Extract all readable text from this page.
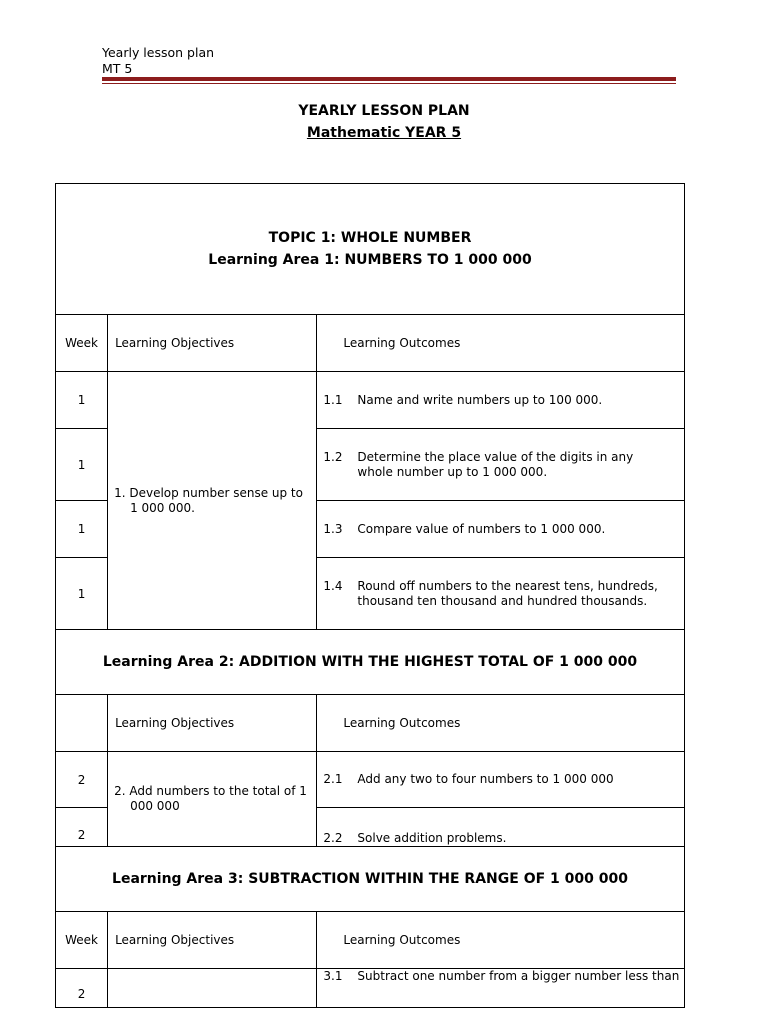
Yearly lesson plan
MT 5
YEARLY LESSON PLAN
Mathematic YEAR 5
TOPIC 1: WHOLE NUMBER
Learning Area 1: NUMBERS TO 1 000 000		

Week	Learning Objectives	Learning Outcomes
1	1. Develop number sense up to 1 000 000.	1.1 Name and write numbers up to 100 000.
1		1.2 Determine the place value of the digits in any whole number up to 1 000 000.
1		1.3 Compare value of numbers to 1 000 000.
1		1.4 Round off numbers to the nearest tens, hundreds, thousand ten thousand and hundred thousands.
Learning Area 2: ADDITION WITH THE HIGHEST TOTAL OF 1 000 000		
	Learning Objectives	Learning Outcomes
2	2. Add numbers to the total of 1 000 000	2.1 Add any two to four numbers to 1 000 000
2		2.2 Solve addition problems.
Learning Area 3: SUBTRACTION WITHIN THE RANGE OF 1 000 000		
Week	Learning Objectives	Learning Outcomes
2		3.1 Subtract one number from a bigger number less than
